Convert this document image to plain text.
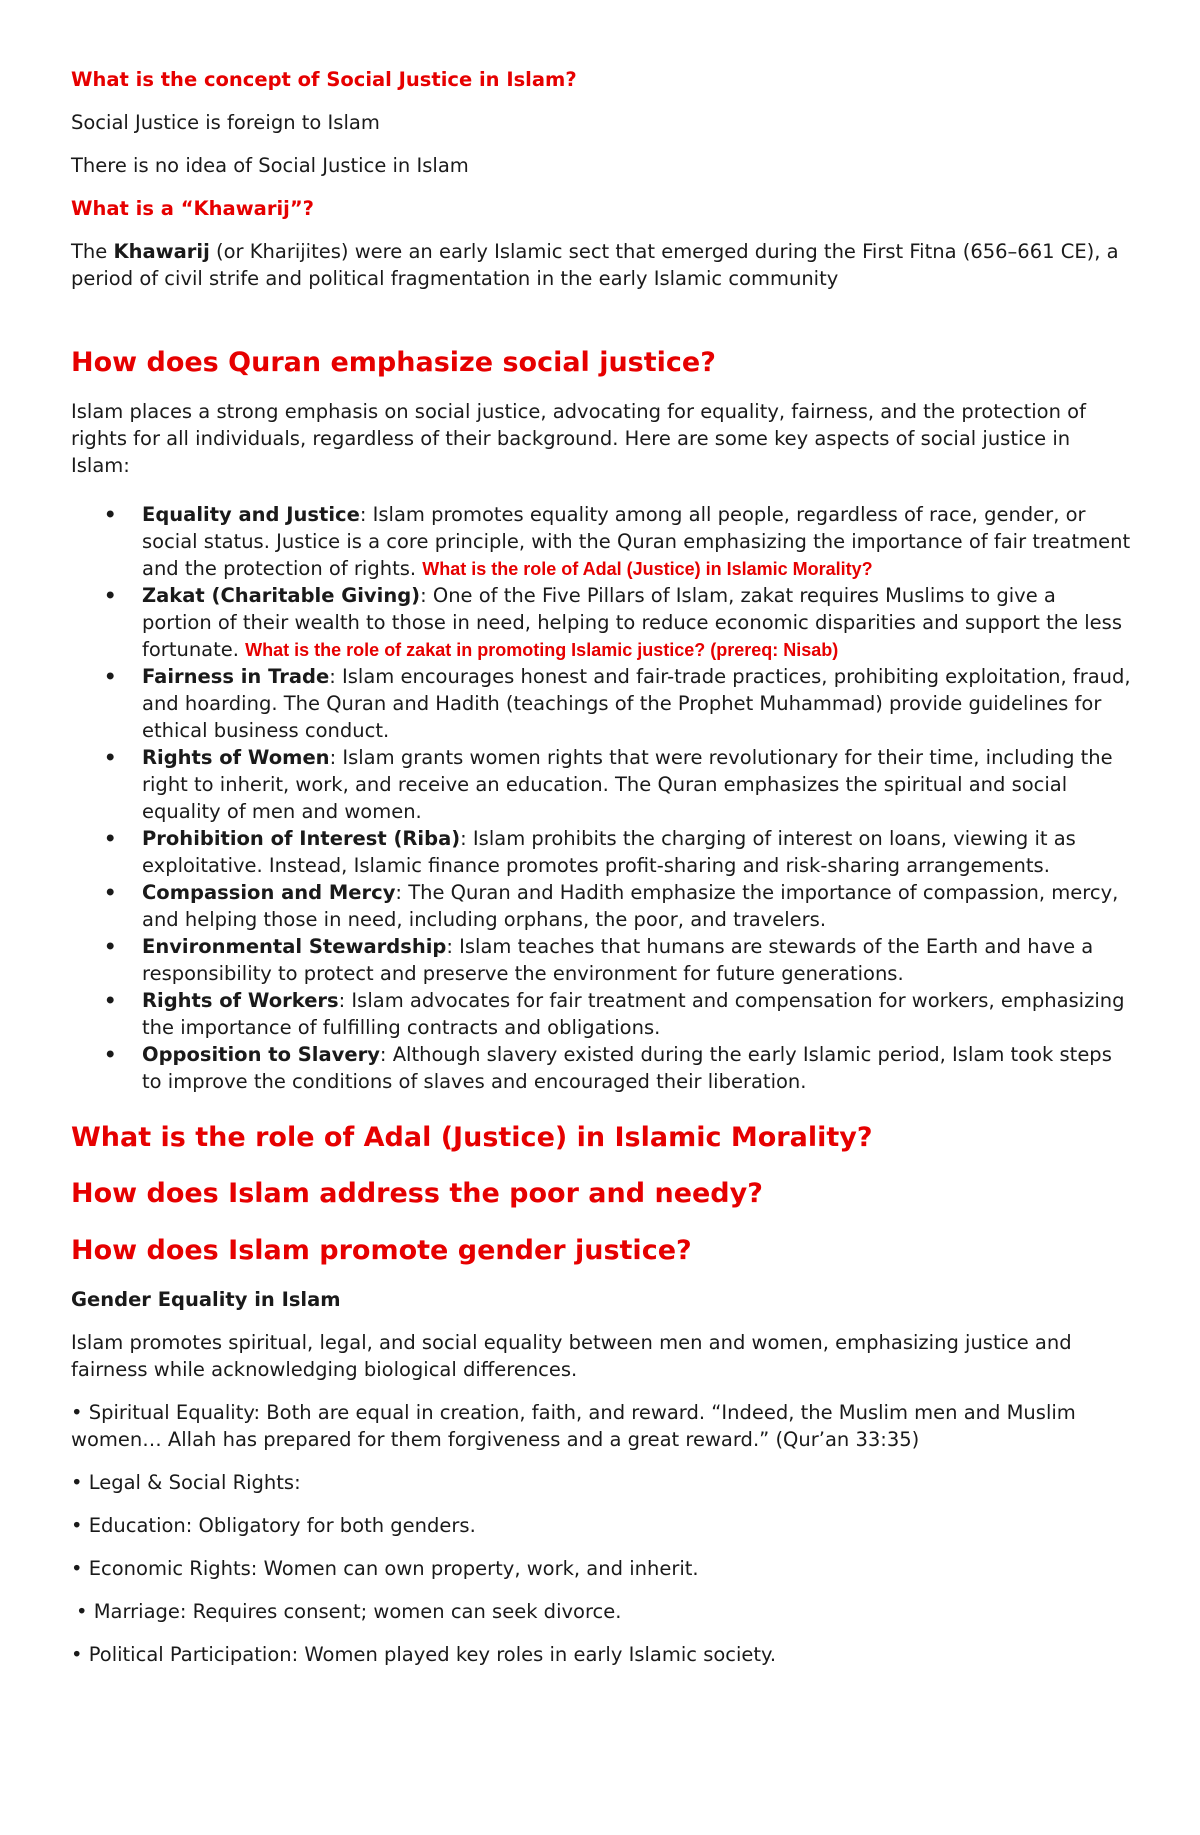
What is the concept of Social Justice in Islam?

Social Justice is foreign to Islam

There is no idea of Social Justice in Islam

What is a “Khawarij”?

The Khawarij (or Kharijites) were an early Islamic sect that emerged during the First Fitna (656–661 CE), a period of civil strife and political fragmentation in the early Islamic community

How does Quran emphasize social justice?

Islam places a strong emphasis on social justice, advocating for equality, fairness, and the protection of rights for all individuals, regardless of their background. Here are some key aspects of social justice in Islam:

• Equality and Justice: Islam promotes equality among all people, regardless of race, gender, or social status. Justice is a core principle, with the Quran emphasizing the importance of fair treatment and the protection of rights. What is the role of Adal (Justice) in Islamic Morality?
• Zakat (Charitable Giving): One of the Five Pillars of Islam, zakat requires Muslims to give a portion of their wealth to those in need, helping to reduce economic disparities and support the less fortunate. What is the role of zakat in promoting Islamic justice? (prereq: Nisab)
• Fairness in Trade: Islam encourages honest and fair-trade practices, prohibiting exploitation, fraud, and hoarding. The Quran and Hadith (teachings of the Prophet Muhammad) provide guidelines for ethical business conduct.
• Rights of Women: Islam grants women rights that were revolutionary for their time, including the right to inherit, work, and receive an education. The Quran emphasizes the spiritual and social equality of men and women.
• Prohibition of Interest (Riba): Islam prohibits the charging of interest on loans, viewing it as exploitative. Instead, Islamic finance promotes profit-sharing and risk-sharing arrangements.
• Compassion and Mercy: The Quran and Hadith emphasize the importance of compassion, mercy, and helping those in need, including orphans, the poor, and travelers.
• Environmental Stewardship: Islam teaches that humans are stewards of the Earth and have a responsibility to protect and preserve the environment for future generations.
• Rights of Workers: Islam advocates for fair treatment and compensation for workers, emphasizing the importance of fulfilling contracts and obligations.
• Opposition to Slavery: Although slavery existed during the early Islamic period, Islam took steps to improve the conditions of slaves and encouraged their liberation.
What is the role of Adal (Justice) in Islamic Morality?
How does Islam address the poor and needy?
How does Islam promote gender justice?

Gender Equality in Islam

Islam promotes spiritual, legal, and social equality between men and women, emphasizing justice and fairness while acknowledging biological differences.

• Spiritual Equality: Both are equal in creation, faith, and reward. “Indeed, the Muslim men and Muslim women… Allah has prepared for them forgiveness and a great reward.” (Qur’an 33:35)

• Legal & Social Rights:

• Education: Obligatory for both genders.

• Economic Rights: Women can own property, work, and inherit.

• Marriage: Requires consent; women can seek divorce.

• Political Participation: Women played key roles in early Islamic society.
